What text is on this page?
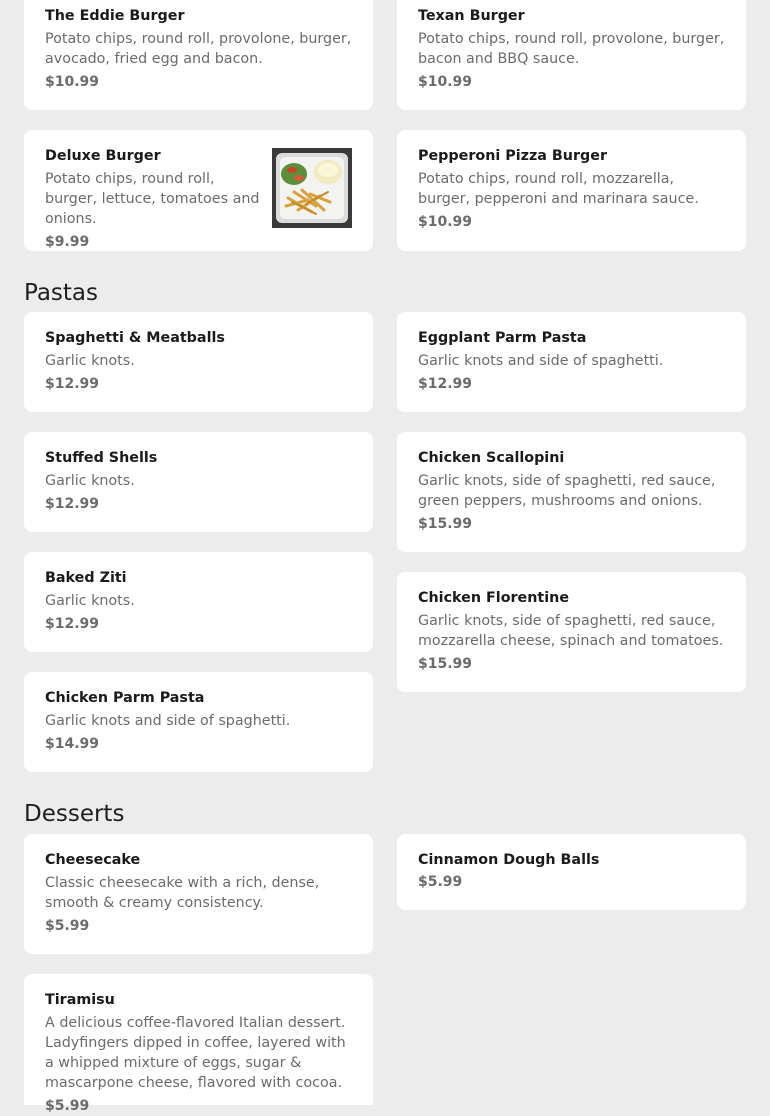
The Eddie Burger
Potato chips, round roll, provolone, burger, avocado, fried egg and bacon.
$10.99
Texan Burger
Potato chips, round roll, provolone, burger, bacon and BBQ sauce.
$10.99
Deluxe Burger
Potato chips, round roll, burger, lettuce, tomatoes and onions.
$9.99
Pepperoni Pizza Burger
Potato chips, round roll, mozzarella, burger, pepperoni and marinara sauce.
$10.99
Pastas
Spaghetti & Meatballs
Garlic knots.
$12.99
Eggplant Parm Pasta
Garlic knots and side of spaghetti.
$12.99
Stuffed Shells
Garlic knots.
$12.99
Chicken Scallopini
Garlic knots, side of spaghetti, red sauce, green peppers, mushrooms and onions.
$15.99
Baked Ziti
Garlic knots.
$12.99
Chicken Florentine
Garlic knots, side of spaghetti, red sauce, mozzarella cheese, spinach and tomatoes.
$15.99
Chicken Parm Pasta
Garlic knots and side of spaghetti.
$14.99
Desserts
Cheesecake
Classic cheesecake with a rich, dense, smooth & creamy consistency.
$5.99
Cinnamon Dough Balls
$5.99
Tiramisu
A delicious coffee-flavored Italian dessert. Ladyfingers dipped in coffee, layered with a whipped mixture of eggs, sugar & mascarpone cheese, flavored with cocoa.
$5.99
